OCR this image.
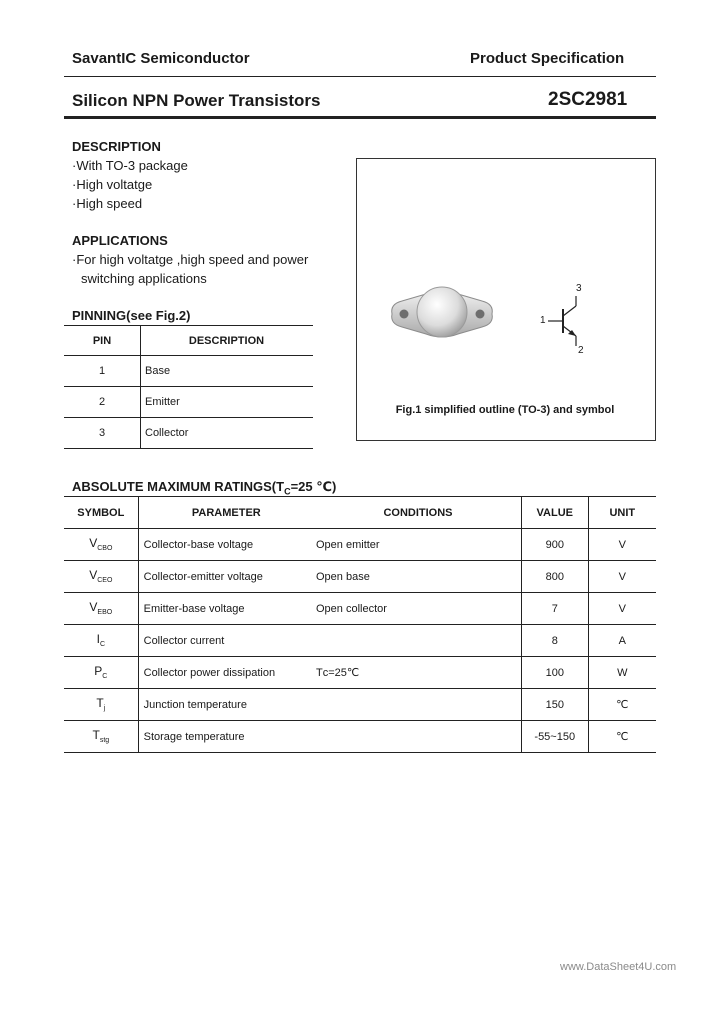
SavantIC Semiconductor	Product Specification
Silicon NPN Power Transistors	2SC2981
DESCRIPTION
·With TO-3 package
·High voltatge
·High speed
APPLICATIONS
·For high voltatge ,high speed and power
switching applications
PINNING(see Fig.2)
PIN	DESCRIPTION
1	Base
2	Emitter
3	Collector
1
2
3
Fig.1 simplified outline (TO-3) and symbol
ABSOLUTE MAXIMUM $RATINGS(T_C=25$ ℃)
SYMBOL	PARAMETER	CONDITIONS	VALUE	UNIT
$V_{CBO}$	Collector-base voltage	Open emitter	900	V
$V_{CEO}$	Collector-emitter voltage	Open base	800	V
$V_{EBO}$	Emitter-base voltage	Open collector	7	V
$I_C$	Collector current		8	A
$P_C$	Collector power dissipation	Tс=25℃	100	W
$T_j$	Junction temperature		150	℃
$T_{stg}$	Storage temperature		-55~150	℃
www.DataSheet4U.com
